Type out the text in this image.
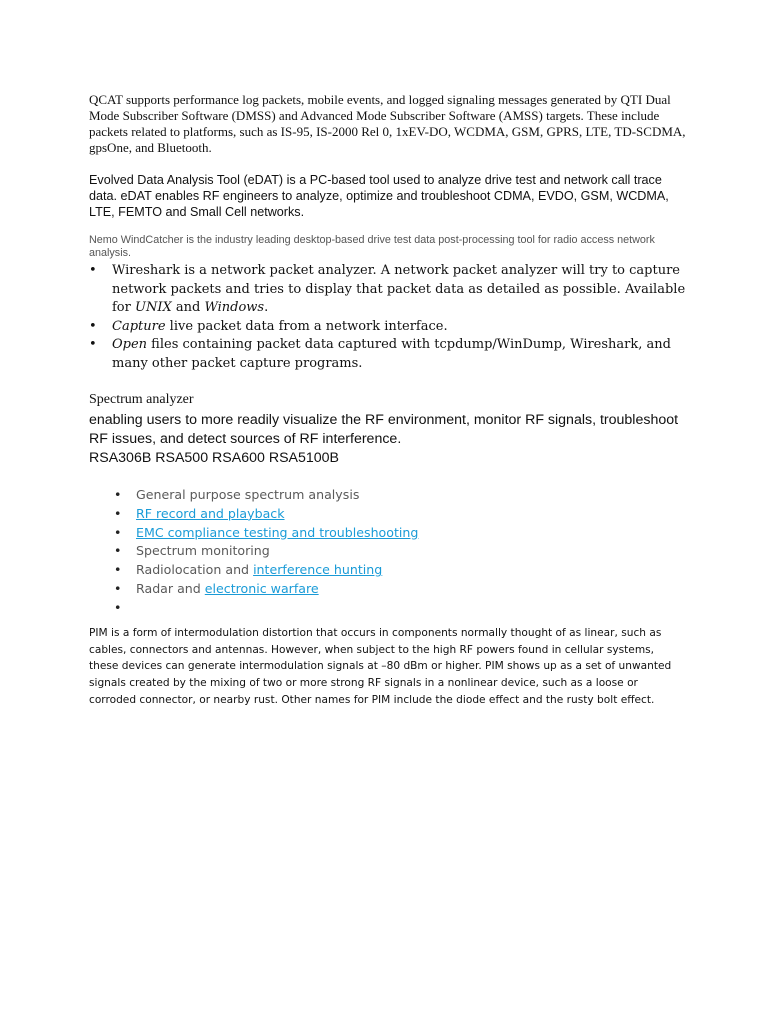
QCAT supports performance log packets, mobile events, and logged signaling messages generated by QTI Dual Mode Subscriber Software (DMSS) and Advanced Mode Subscriber Software (AMSS) targets. These include packets related to platforms, such as IS-95, IS-2000 Rel 0, 1xEV-DO, WCDMA, GSM, GPRS, LTE, TD-SCDMA, gpsOne, and Bluetooth.

Evolved Data Analysis Tool (eDAT) is a PC-based tool used to analyze drive test and network call trace data. eDAT enables RF engineers to analyze, optimize and troubleshoot CDMA, EVDO, GSM, WCDMA, LTE, FEMTO and Small Cell networks.

Nemo WindCatcher is the industry leading desktop-based drive test data post-processing tool for radio access network analysis.

• Wireshark is a network packet analyzer. A network packet analyzer will try to capture network packets and tries to display that packet data as detailed as possible. Available for UNIX and Windows.
• Capture live packet data from a network interface.
• Open files containing packet data captured with tcpdump/WinDump, Wireshark, and many other packet capture programs.

Spectrum analyzer

enabling users to more readily visualize the RF environment, monitor RF signals, troubleshoot RF issues, and detect sources of RF interference.

RSA306B RSA500 RSA600 RSA5100B

• General purpose spectrum analysis
• RF record and playback
• EMC compliance testing and troubleshooting
• Spectrum monitoring
• Radiolocation and interference hunting
• Radar and electronic warfare
•

PIM is a form of intermodulation distortion that occurs in components normally thought of as linear, such as cables, connectors and antennas. However, when subject to the high RF powers found in cellular systems, these devices can generate intermodulation signals at –80 dBm or higher. PIM shows up as a set of unwanted signals created by the mixing of two or more strong RF signals in a nonlinear device, such as a loose or corroded connector, or nearby rust. Other names for PIM include the diode effect and the rusty bolt effect.
